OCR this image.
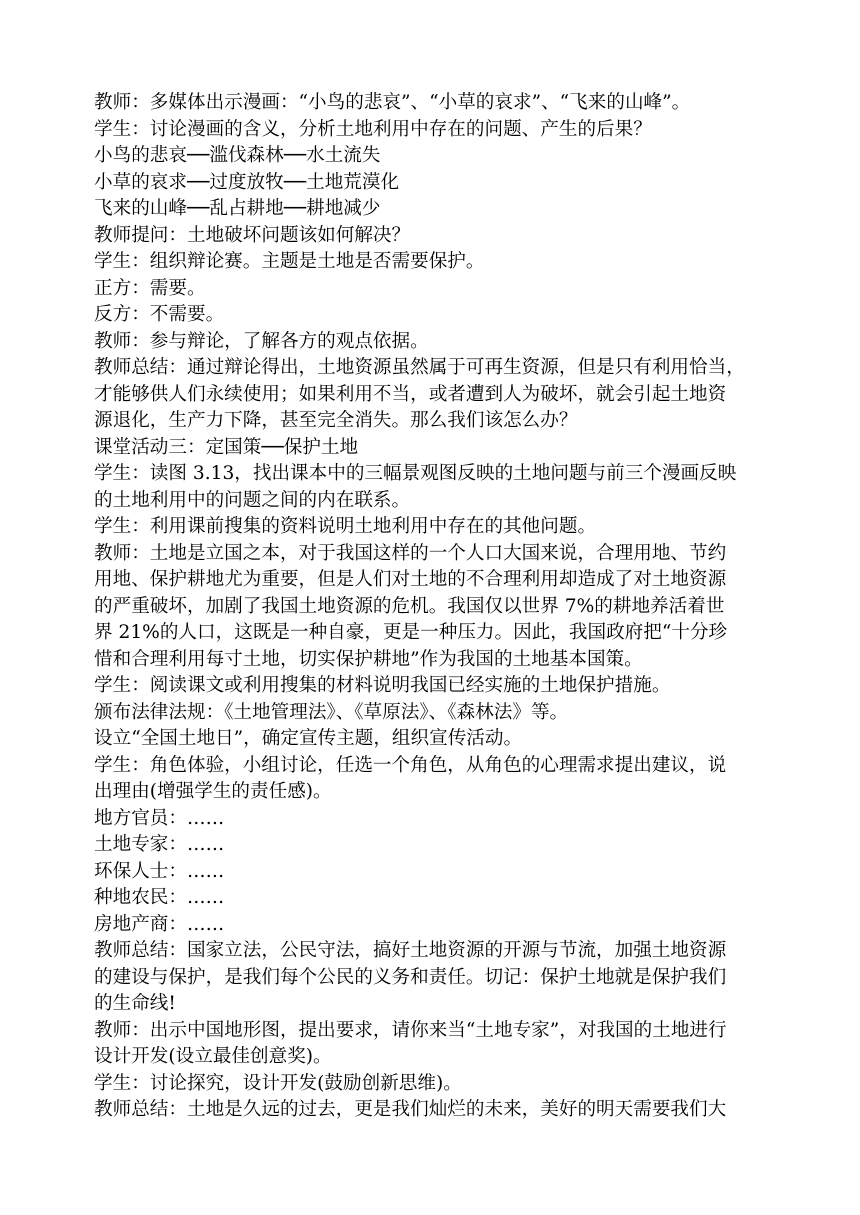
教师：多媒体出示漫画：“小鸟的悲哀”、“小草的哀求”、“飞来的山峰”。
学生：讨论漫画的含义，分析土地利用中存在的问题、产生的后果？
小鸟的悲哀──滥伐森林──水土流失
小草的哀求──过度放牧──土地荒漠化
飞来的山峰──乱占耕地──耕地减少
教师提问：土地破坏问题该如何解决？
学生：组织辩论赛。主题是土地是否需要保护。
正方：需要。
反方：不需要。
教师：参与辩论，了解各方的观点依据。
教师总结：通过辩论得出，土地资源虽然属于可再生资源，但是只有利用恰当，
才能够供人们永续使用；如果利用不当，或者遭到人为破坏，就会引起土地资
源退化，生产力下降，甚至完全消失。那么我们该怎么办？
课堂活动三：定国策──保护土地
学生：读图 3.13，找出课本中的三幅景观图反映的土地问题与前三个漫画反映
的土地利用中的问题之间的内在联系。
学生：利用课前搜集的资料说明土地利用中存在的其他问题。
教师：土地是立国之本，对于我国这样的一个人口大国来说，合理用地、节约
用地、保护耕地尤为重要，但是人们对土地的不合理利用却造成了对土地资源
的严重破坏，加剧了我国土地资源的危机。我国仅以世界 7%的耕地养活着世
界 21%的人口，这既是一种自豪，更是一种压力。因此，我国政府把“十分珍
惜和合理利用每寸土地，切实保护耕地”作为我国的土地基本国策。
学生：阅读课文或利用搜集的材料说明我国已经实施的土地保护措施。
颁布法律法规：《土地管理法》、《草原法》、《森林法》等。
设立“全国土地日”，确定宣传主题，组织宣传活动。
学生：角色体验，小组讨论，任选一个角色，从角色的心理需求提出建议，说
出理由(增强学生的责任感)。
地方官员：……
土地专家：……
环保人士：……
种地农民：……
房地产商：……
教师总结：国家立法，公民守法，搞好土地资源的开源与节流，加强土地资源
的建设与保护，是我们每个公民的义务和责任。切记：保护土地就是保护我们
的生命线!
教师：出示中国地形图，提出要求，请你来当“土地专家”，对我国的土地进行
设计开发(设立最佳创意奖)。
学生：讨论探究，设计开发(鼓励创新思维)。
教师总结：土地是久远的过去，更是我们灿烂的未来，美好的明天需要我们大
